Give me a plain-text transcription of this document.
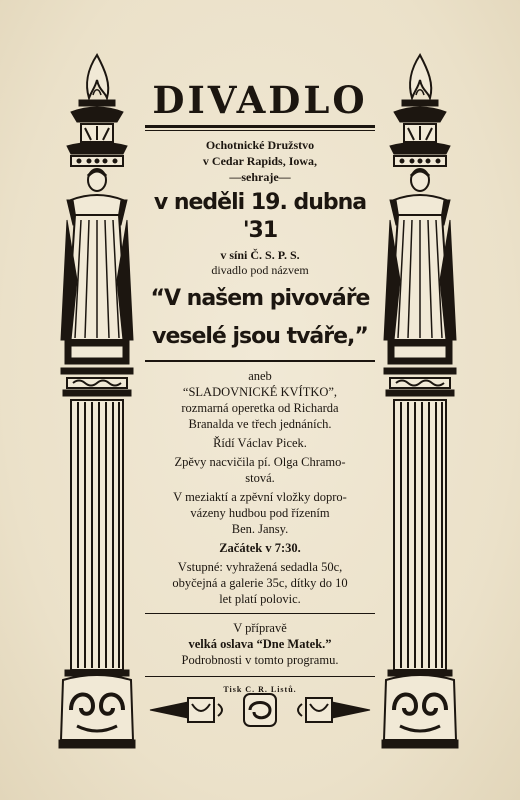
DIVADLO
Ochotnické Družstvo
v Cedar Rapids, Iowa,
—sehraje—
v neděli 19. dubna '31
v síni Č. S. P. S.
divadlo pod názvem
“V našem pivováře
veselé jsou tváře,”
aneb
“SLADOVNICKÉ KVÍTKO”,
rozmarná operetka od Richarda
Branalda ve třech jednáních.
Řídí Václav Picek.
Zpěvy nacvičila pí. Olga Chramo-
stová.
V meziaktí a zpěvní vložky dopro-
vázeny hudbou pod řízením
Ben. Jansy.
Začátek v 7:30.
Vstupné: vyhražená sedadla 50c,
obyčejná a galerie 35c, dítky do 10
let platí polovic.
V přípravě
velká oslava “Dne Matek.”
Podrobnosti v tomto programu.
Tisk C. R. Listů.
